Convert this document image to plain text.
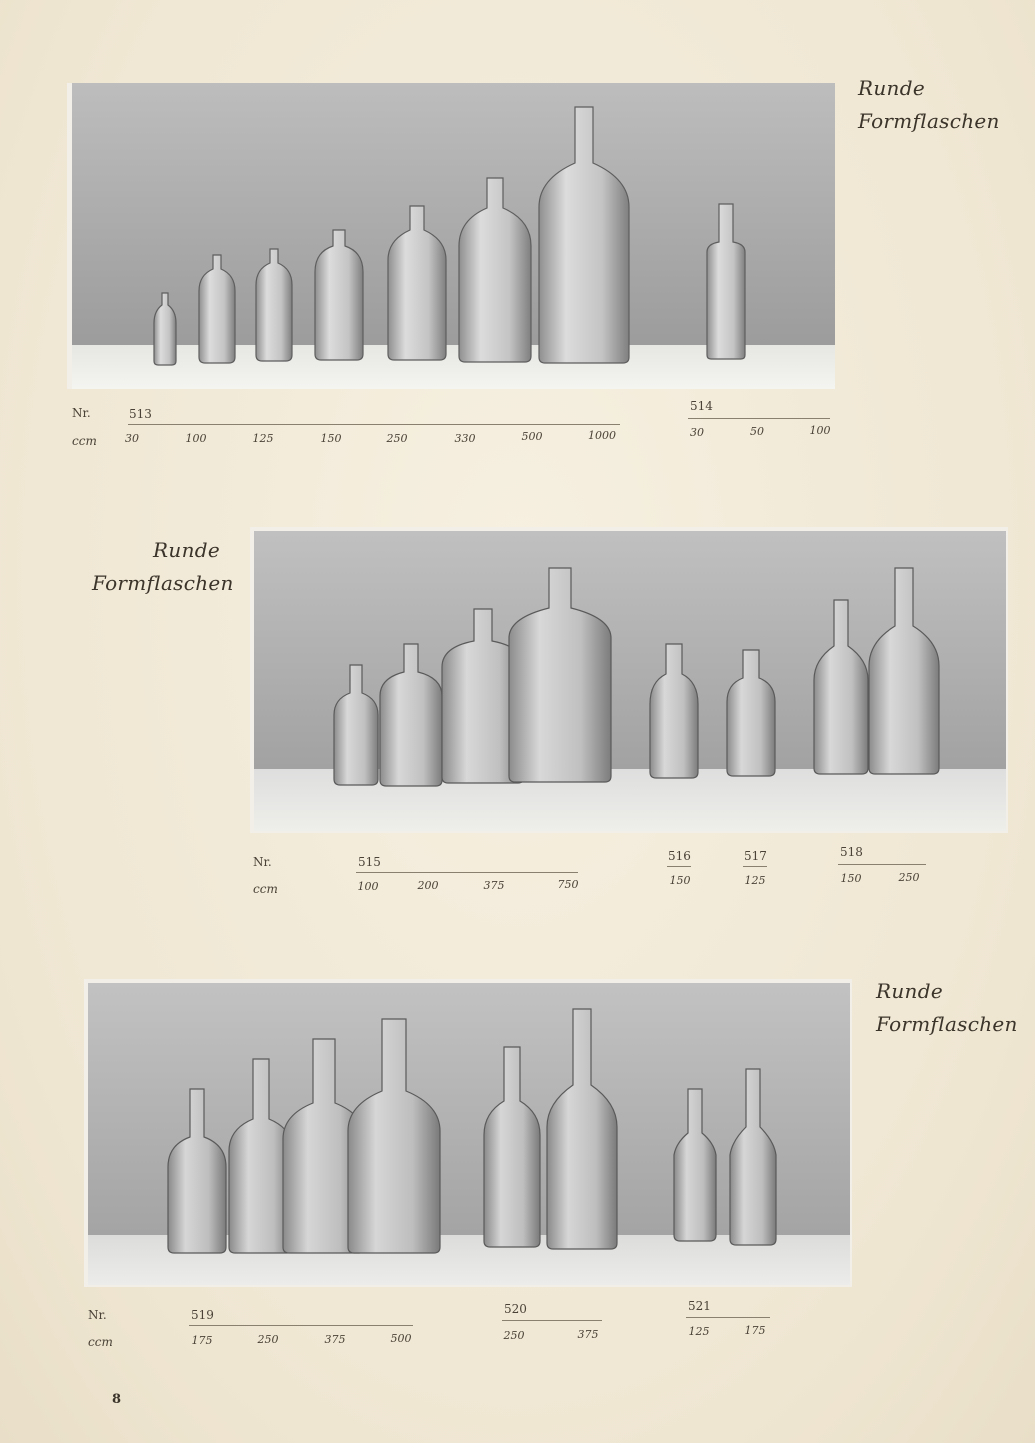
Runde
Formflaschen
Nr.
ccm
513
30	100	125	150	250	330	500	1000
514
30	50	100
Runde
Formflaschen
Nr.
ccm
515
100	200	375	750
516
150
517
125
518
150	250
Runde
Formflaschen
Nr.
ccm
519
175	250	375	500
520
250	375
521
125	175
8
